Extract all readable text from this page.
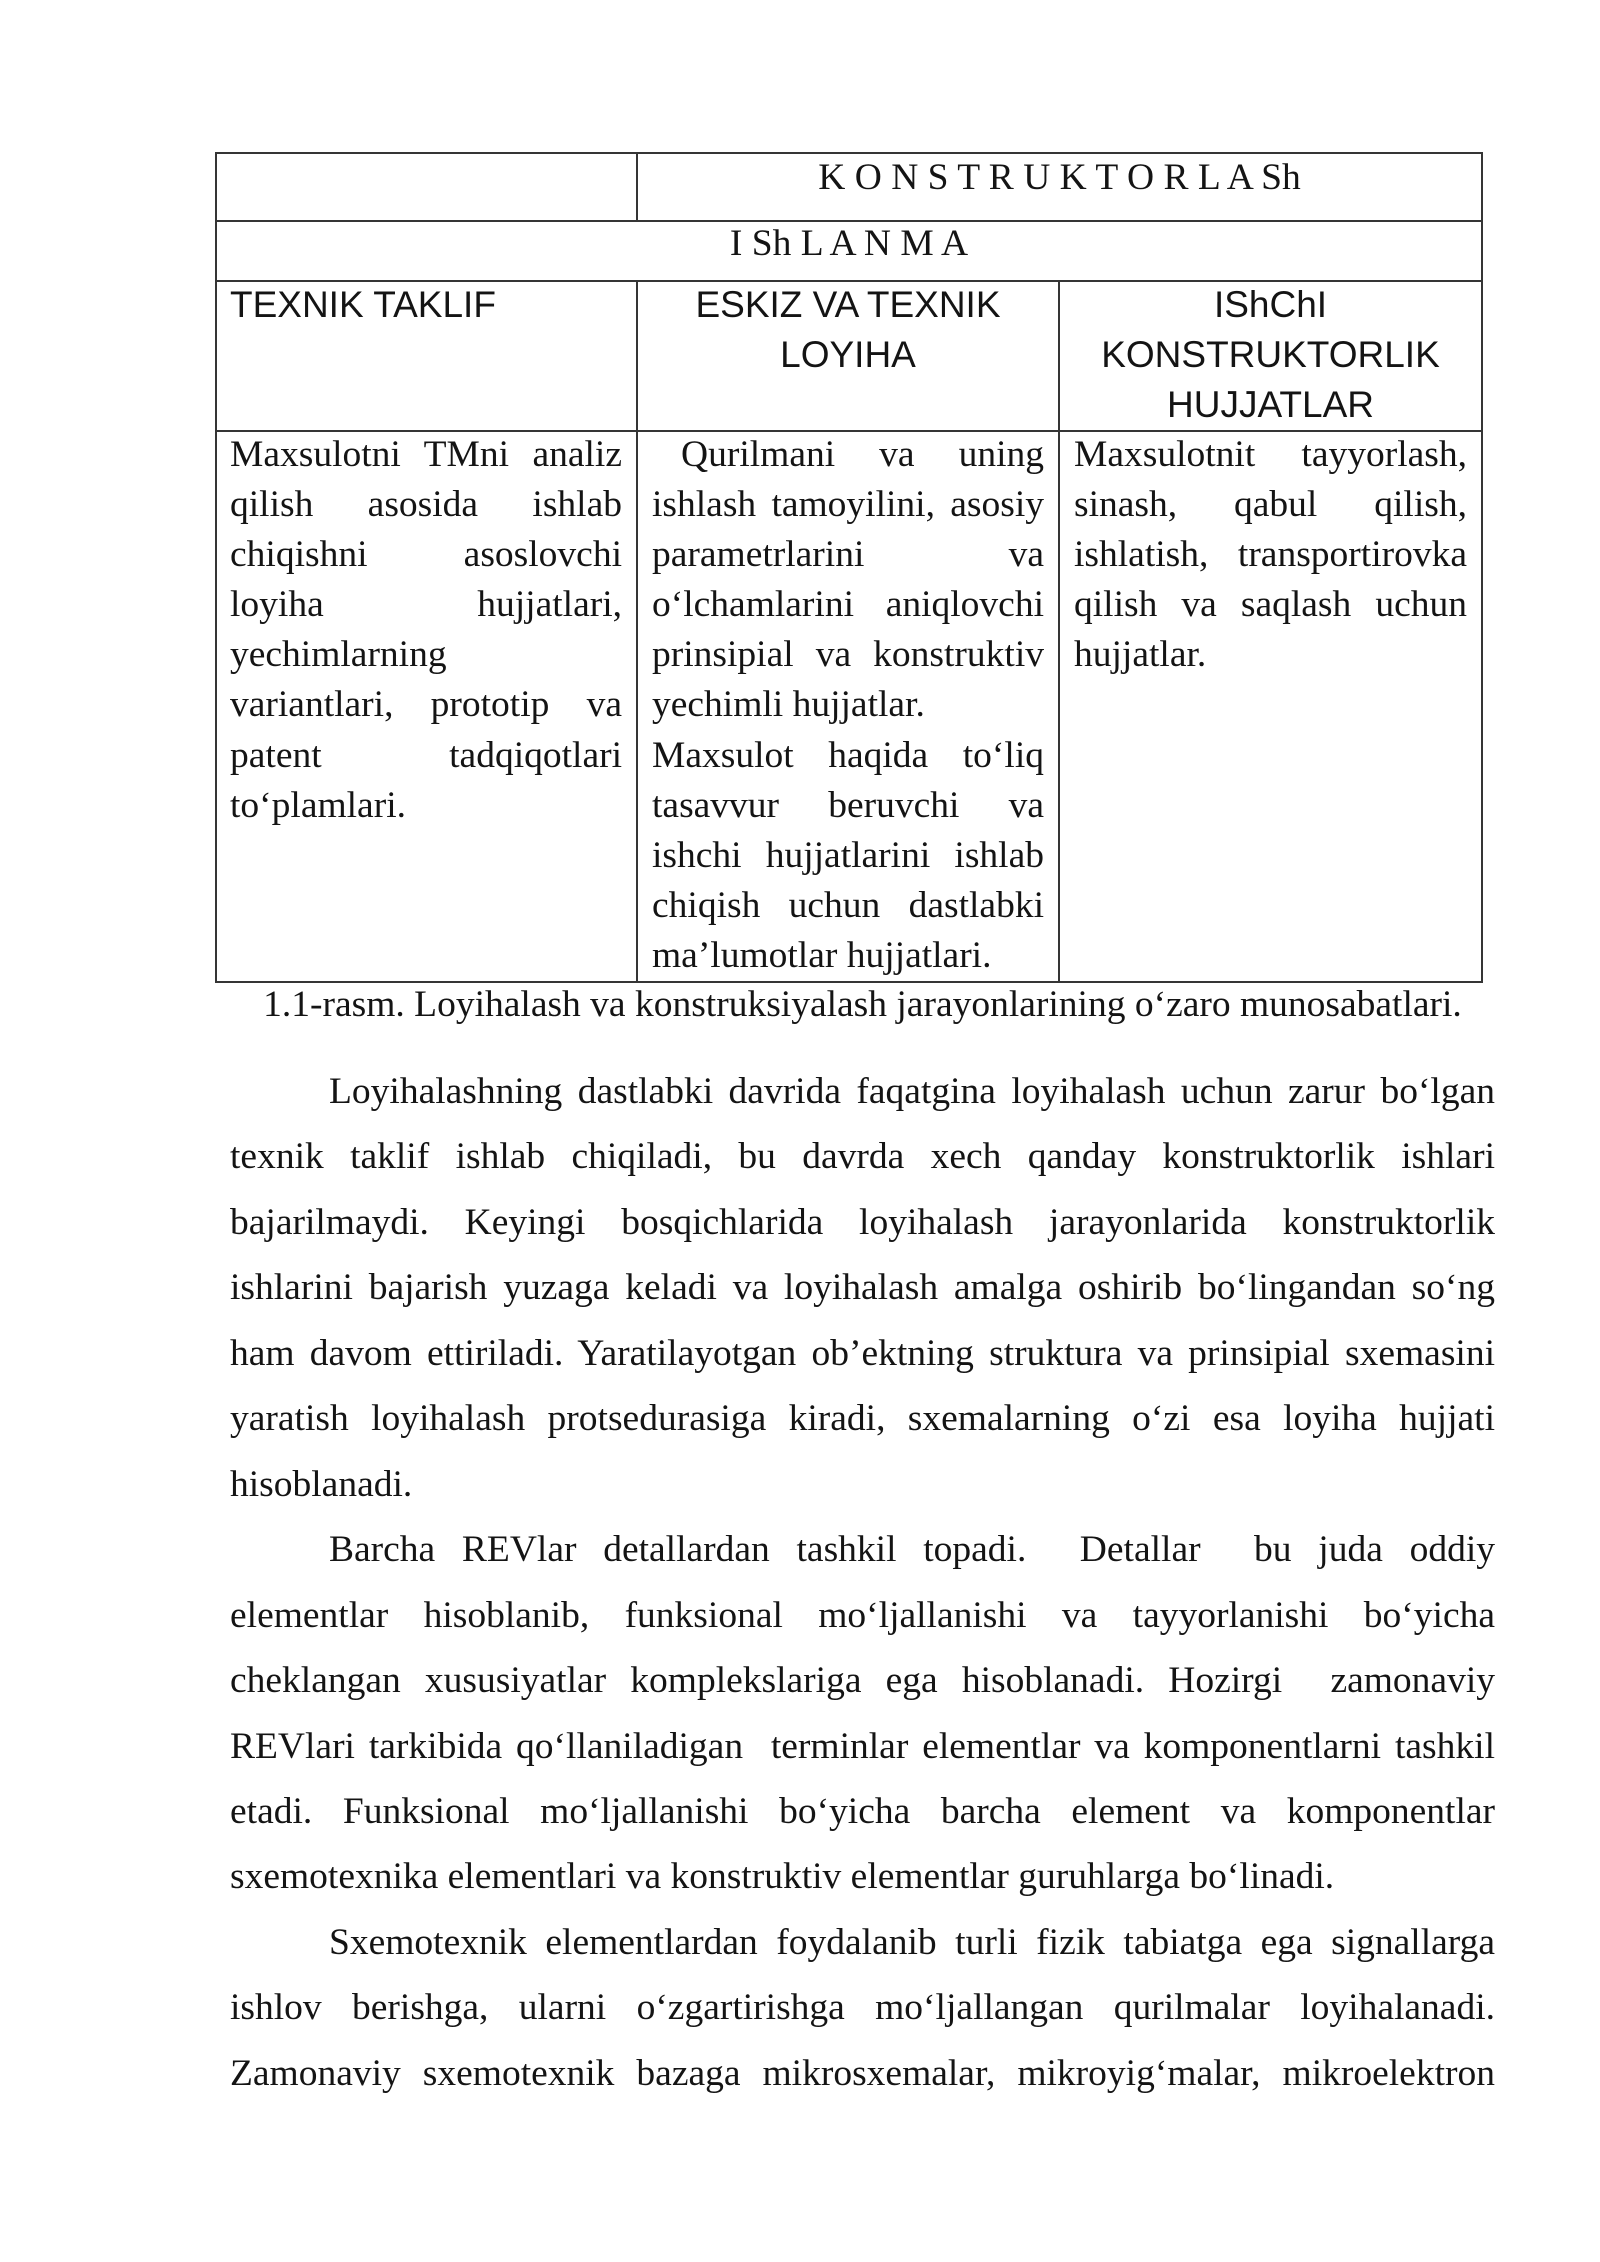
K O N S T R U K T O R L A Sh
I Sh L A N M A
TEXNIK TAKLIF	ESKIZ VA TEXNIK
LOYIHA
IShChI
KONSTRUKTORLIK
HUJJATLAR
Maxsulotni TMni analiz
qilish asosida ishlab
chiqishni asoslovchi
loyiha hujjatlari,
yechimlarning
variantlari, prototip va
patent tadqiqotlari
to‘plamlari.
Qurilmani va uning
ishlash tamoyilini, asosiy
parametrlarini va
o‘lchamlarini aniqlovchi
prinsipial va konstruktiv
yechimli hujjatlar.
Maxsulot haqida to‘liq
tasavvur beruvchi va
ishchi hujjatlarini ishlab
chiqish uchun dastlabki
ma’lumotlar hujjatlari.
Maxsulotnit tayyorlash,
sinash, qabul qilish,
ishlatish, transportirovka
qilish va saqlash uchun
hujjatlar.
1.1-rasm. Loyihalash va konstruksiyalash jarayonlarining o‘zaro munosabatlari.
Loyihalashning dastlabki davrida faqatgina loyihalash uchun zarur bo‘lgan
texnik taklif ishlab chiqiladi, bu davrda xech qanday konstruktorlik ishlari
bajarilmaydi. Keyingi bosqichlarida loyihalash jarayonlarida konstruktorlik
ishlarini bajarish yuzaga keladi va loyihalash amalga oshirib bo‘lingandan so‘ng
ham davom ettiriladi. Yaratilayotgan ob’ektning struktura va prinsipial sxemasini
yaratish loyihalash protsedurasiga kiradi, sxemalarning o‘zi esa loyiha hujjati
hisoblanadi.
Barcha REVlar detallardan tashkil topadi.  Detallar  bu juda oddiy
elementlar hisoblanib, funksional mo‘ljallanishi va tayyorlanishi bo‘yicha
cheklangan xususiyatlar komplekslariga ega hisoblanadi. Hozirgi  zamonaviy
REVlari tarkibida qo‘llaniladigan  terminlar elementlar va komponentlarni tashkil
etadi. Funksional mo‘ljallanishi bo‘yicha barcha element va komponentlar
sxemotexnika elementlari va konstruktiv elementlar guruhlarga bo‘linadi.
Sxemotexnik elementlardan foydalanib turli fizik tabiatga ega signallarga
ishlov berishga, ularni o‘zgartirishga mo‘ljallangan qurilmalar loyihalanadi.
Zamonaviy sxemotexnik bazaga mikrosxemalar, mikroyig‘malar, mikroelektron
